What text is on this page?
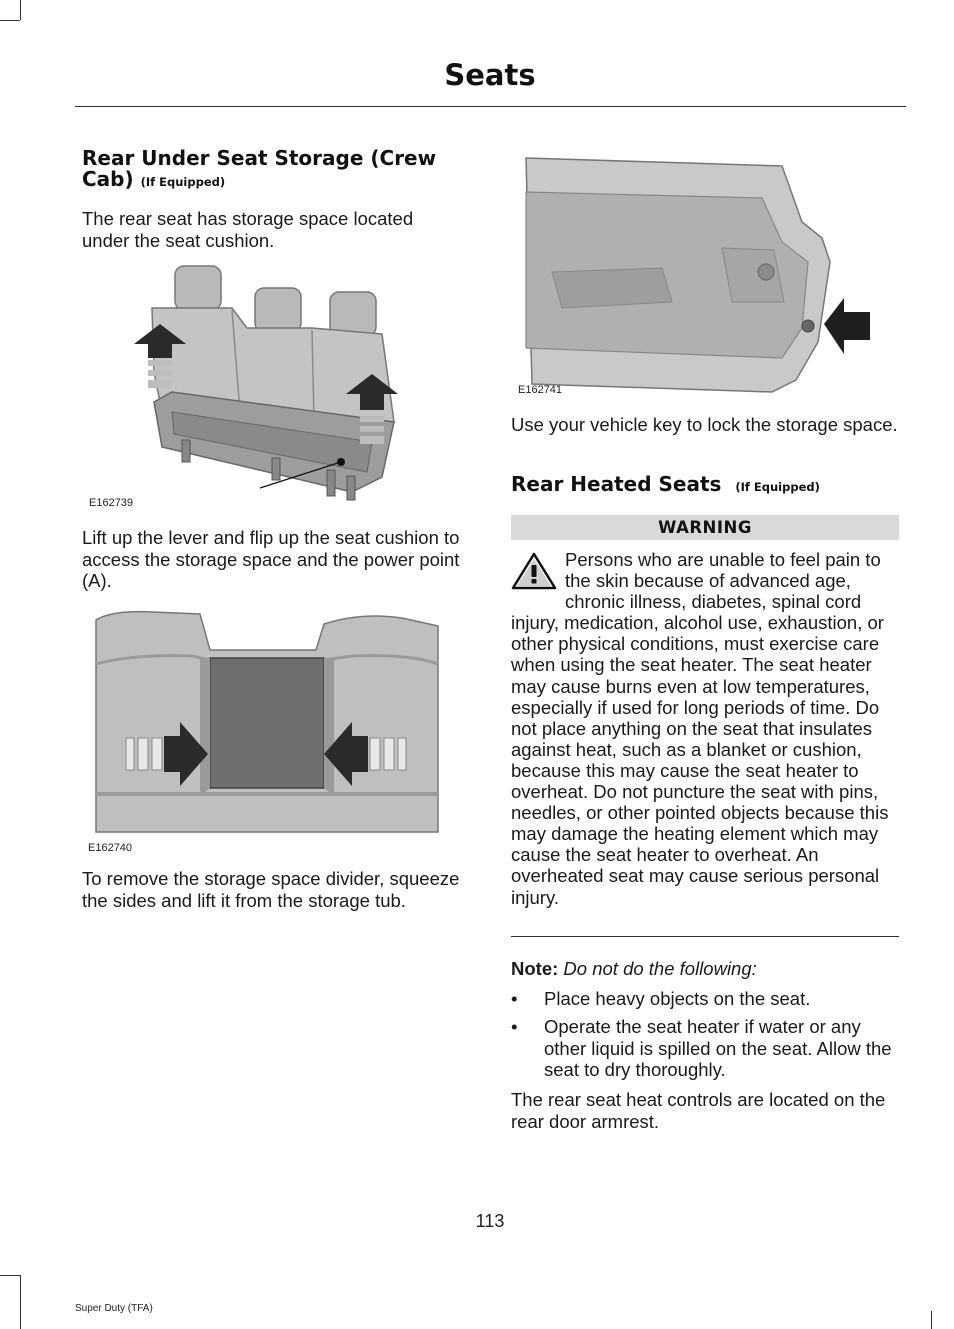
Seats
Rear Under Seat Storage (Crew
Cab) (If Equipped)
The rear seat has storage space located under the seat cushion.
E162739
Lift up the lever and flip up the seat cushion to access the storage space and the power point (A).
E162740
To remove the storage space divider, squeeze the sides and lift it from the storage tub.
E162741
Use your vehicle key to lock the storage space.
Rear Heated Seats (If Equipped)
WARNING
Persons who are unable to feel pain to the skin because of advanced age, chronic illness, diabetes, spinal cord injury, medication, alcohol use, exhaustion, or other physical conditions, must exercise care when using the seat heater. The seat heater may cause burns even at low temperatures, especially if used for long periods of time. Do not place anything on the seat that insulates against heat, such as a blanket or cushion, because this may cause the seat heater to overheat. Do not puncture the seat with pins, needles, or other pointed objects because this may damage the heating element which may cause the seat heater to overheat. An overheated seat may cause serious personal injury.
Note: Do not do the following:
• Place heavy objects on the seat.
• Operate the seat heater if water or any other liquid is spilled on the seat. Allow the seat to dry thoroughly.
The rear seat heat controls are located on the rear door armrest.
113
Super Duty (TFA)
